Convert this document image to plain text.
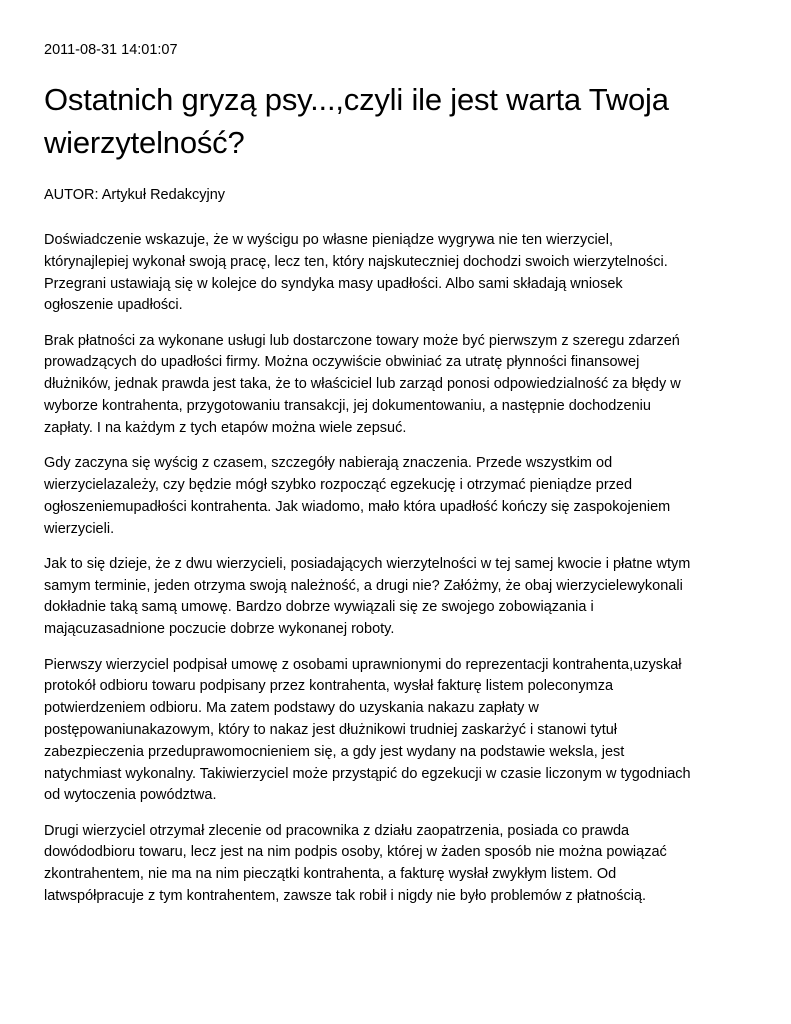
2011-08-31 14:01:07
Ostatnich gryzą psy...,czyli ile jest warta Twoja
wierzytelność?
AUTOR: Artykuł Redakcyjny

Doświadczenie wskazuje, że w wyścigu po własne pieniądze wygrywa nie ten wierzyciel,
którynajlepiej wykonał swoją pracę, lecz ten, który najskuteczniej dochodzi swoich wierzytelności.
Przegrani ustawiają się w kolejce do syndyka masy upadłości. Albo sami składają wniosek
ogłoszenie upadłości.

Brak płatności za wykonane usługi lub dostarczone towary może być pierwszym z szeregu zdarzeń
prowadzących do upadłości firmy. Można oczywiście obwiniać za utratę płynności finansowej
dłużników, jednak prawda jest taka, że to właściciel lub zarząd ponosi odpowiedzialność za błędy w
wyborze kontrahenta, przygotowaniu transakcji, jej dokumentowaniu, a następnie dochodzeniu
zapłaty. I na każdym z tych etapów można wiele zepsuć.

Gdy zaczyna się wyścig z czasem, szczegóły nabierają znaczenia. Przede wszystkim od
wierzycielazależy, czy będzie mógł szybko rozpocząć egzekucję i otrzymać pieniądze przed
ogłoszeniemupadłości kontrahenta. Jak wiadomo, mało która upadłość kończy się zaspokojeniem
wierzycieli.

Jak to się dzieje, że z dwu wierzycieli, posiadających wierzytelności w tej samej kwocie i płatne wtym
samym terminie, jeden otrzyma swoją należność, a drugi nie? Załóżmy, że obaj wierzycielewykonali
dokładnie taką samą umowę. Bardzo dobrze wywiązali się ze swojego zobowiązania i
mającuzasadnione poczucie dobrze wykonanej roboty.

Pierwszy wierzyciel podpisał umowę z osobami uprawnionymi do reprezentacji kontrahenta,uzyskał
protokół odbioru towaru podpisany przez kontrahenta, wysłał fakturę listem poleconymza
potwierdzeniem odbioru. Ma zatem podstawy do uzyskania nakazu zapłaty w
postępowaniunakazowym, który to nakaz jest dłużnikowi trudniej zaskarżyć i stanowi tytuł
zabezpieczenia przeduprawomocnieniem się, a gdy jest wydany na podstawie weksla, jest
natychmiast wykonalny. Takiwierzyciel może przystąpić do egzekucji w czasie liczonym w tygodniach
od wytoczenia powództwa.

Drugi wierzyciel otrzymał zlecenie od pracownika z działu zaopatrzenia, posiada co prawda
dowódodbioru towaru, lecz jest na nim podpis osoby, której w żaden sposób nie można powiązać
zkontrahentem, nie ma na nim pieczątki kontrahenta, a fakturę wysłał zwykłym listem. Od
latwspółpracuje z tym kontrahentem, zawsze tak robił i nigdy nie było problemów z płatnością.
